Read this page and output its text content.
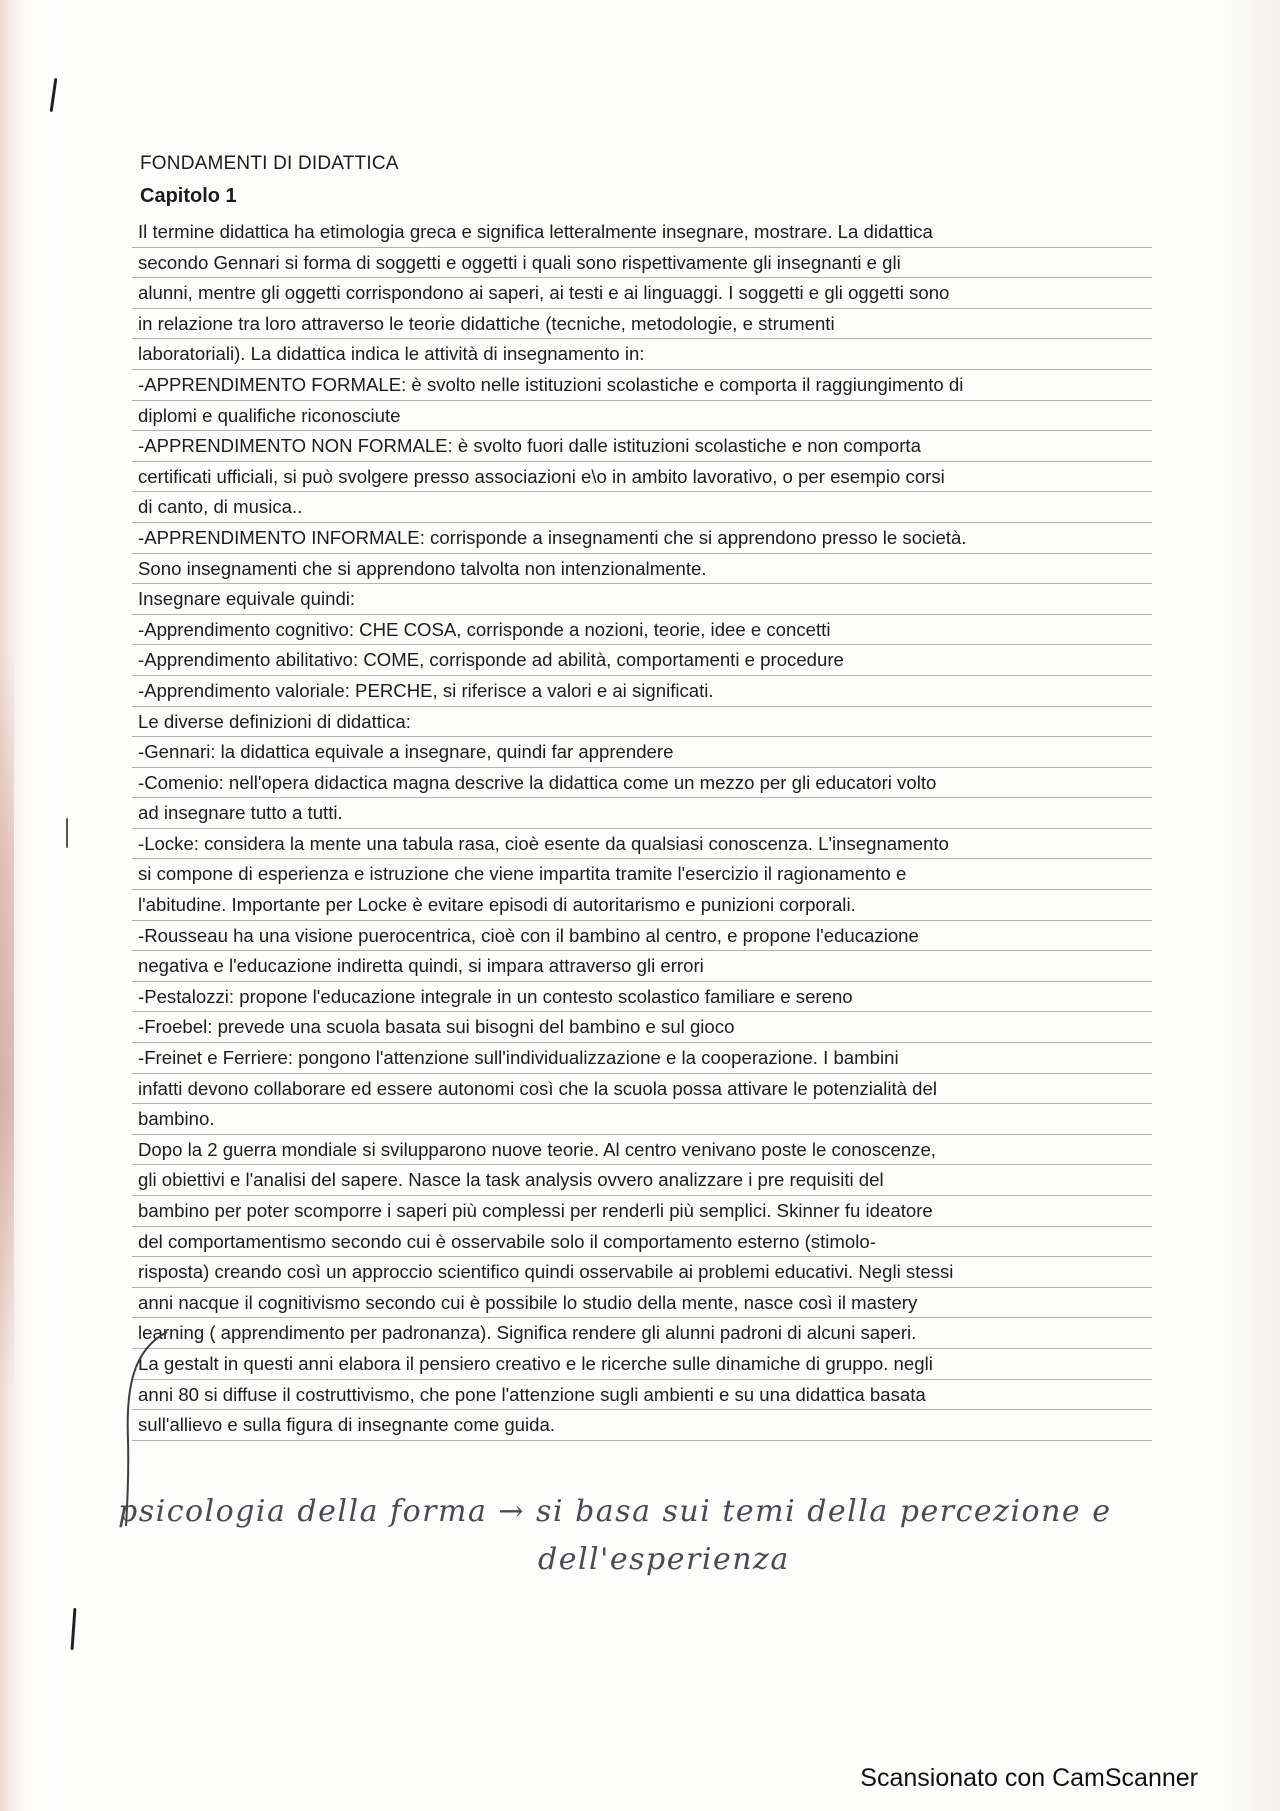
FONDAMENTI DI DIDATTICA
Capitolo 1
Il termine didattica ha etimologia greca e significa letteralmente insegnare, mostrare. La didattica
secondo Gennari si forma di soggetti e oggetti i quali sono rispettivamente gli insegnanti e gli
alunni, mentre gli oggetti corrispondono ai saperi, ai testi e ai linguaggi. I soggetti e gli oggetti sono
in relazione tra loro attraverso le teorie didattiche (tecniche, metodologie, e strumenti
laboratoriali). La didattica indica le attività di insegnamento in:
-APPRENDIMENTO FORMALE: è svolto nelle istituzioni scolastiche e comporta il raggiungimento di
diplomi e qualifiche riconosciute
-APPRENDIMENTO NON FORMALE: è svolto fuori dalle istituzioni scolastiche e non comporta
certificati ufficiali, si può svolgere presso associazioni e\o in ambito lavorativo, o per esempio corsi
di canto, di musica..
-APPRENDIMENTO INFORMALE: corrisponde a insegnamenti che si apprendono presso le società.
Sono insegnamenti che si apprendono talvolta non intenzionalmente.
Insegnare equivale quindi:
-Apprendimento cognitivo: CHE COSA, corrisponde a nozioni, teorie, idee e concetti
-Apprendimento abilitativo: COME, corrisponde ad abilità, comportamenti e procedure
-Apprendimento valoriale: PERCHE, si riferisce a valori e ai significati.
Le diverse definizioni di didattica:
-Gennari: la didattica equivale a insegnare, quindi far apprendere
-Comenio: nell'opera didactica magna descrive la didattica come un mezzo per gli educatori volto
ad insegnare tutto a tutti.
-Locke: considera la mente una tabula rasa, cioè esente da qualsiasi conoscenza. L'insegnamento
si compone di esperienza e istruzione che viene impartita tramite l'esercizio il ragionamento e
l'abitudine. Importante per Locke è evitare episodi di autoritarismo e punizioni corporali.
-Rousseau ha una visione puerocentrica, cioè con il bambino al centro, e propone l'educazione
negativa e l'educazione indiretta quindi, si impara attraverso gli errori
-Pestalozzi: propone l'educazione integrale in un contesto scolastico familiare e sereno
-Froebel: prevede una scuola basata sui bisogni del bambino e sul gioco
-Freinet e Ferriere: pongono l'attenzione sull'individualizzazione e la cooperazione. I bambini
infatti devono collaborare ed essere autonomi così che la scuola possa attivare le potenzialità del
bambino.
Dopo la 2 guerra mondiale si svilupparono nuove teorie. Al centro venivano poste le conoscenze,
gli obiettivi e l'analisi del sapere. Nasce la task analysis ovvero analizzare i pre requisiti del
bambino per poter scomporre i saperi più complessi per renderli più semplici. Skinner fu ideatore
del comportamentismo secondo cui è osservabile solo il comportamento esterno (stimolo-
risposta) creando così un approccio scientifico quindi osservabile ai problemi educativi. Negli stessi
anni nacque il cognitivismo secondo cui è possibile lo studio della mente, nasce così il mastery
learning ( apprendimento per padronanza). Significa rendere gli alunni padroni di alcuni saperi.
La gestalt in questi anni elabora il pensiero creativo e le ricerche sulle dinamiche di gruppo. negli
anni 80 si diffuse il costruttivismo, che pone l'attenzione sugli ambienti e su una didattica basata
sull'allievo e sulla figura di insegnante come guida.
psicologia della forma → si basa sui temi della percezione e
dell'esperienza
Scansionato con CamScanner
